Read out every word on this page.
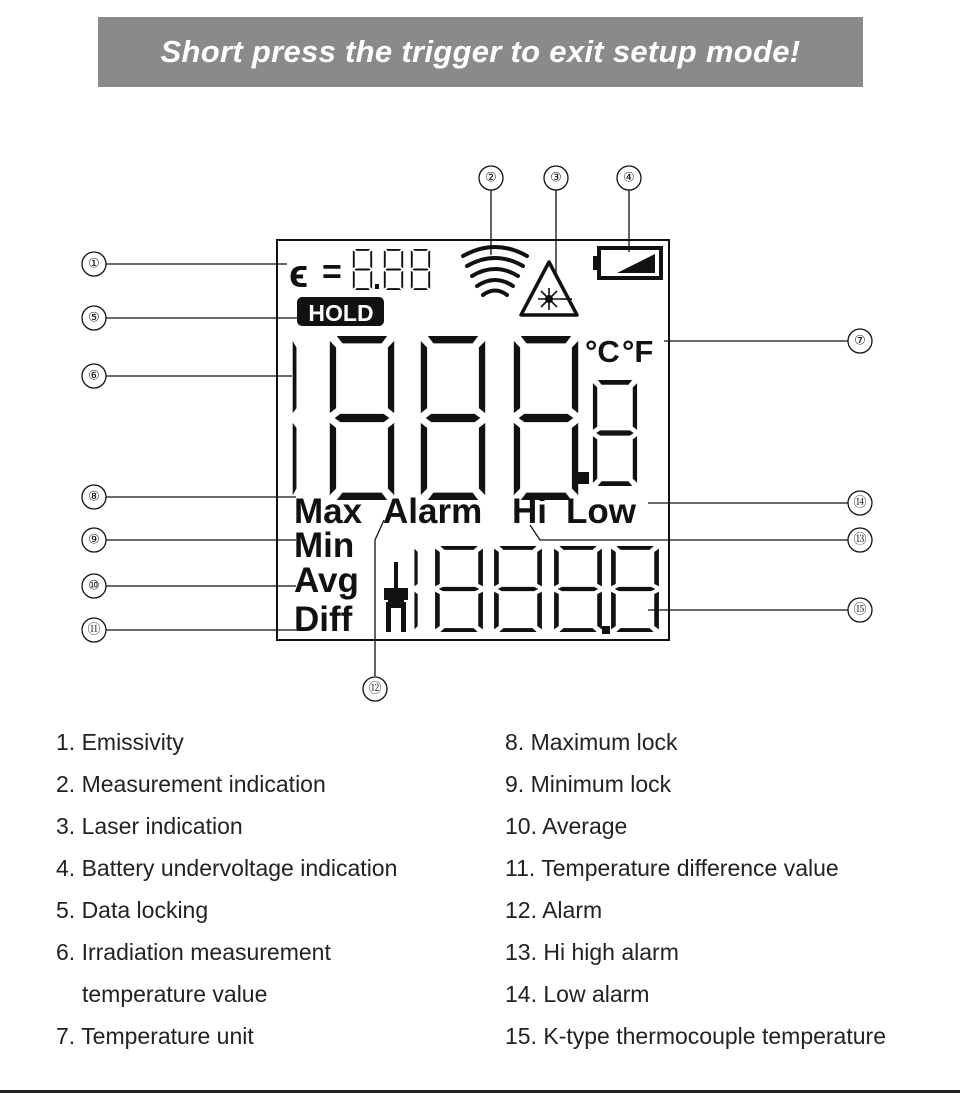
Short press the trigger to exit setup mode!
ϵ =
HOLD
°C °F
Max Alarm Hi Low
Min
Avg
Diff
①
②	③	④
⑤
⑥
⑦
⑧
⑨
⑩
⑪
⑫
⑬
⑭
⑮
1. Emissivity
2. Measurement indication
3. Laser indication
4. Battery undervoltage indication
5. Data locking
6. Irradiation measurement
temperature value
7. Temperature unit
8. Maximum lock
9. Minimum lock
10. Average
11. Temperature difference value
12. Alarm
13. Hi high alarm
14. Low alarm
15. K-type thermocouple temperature
